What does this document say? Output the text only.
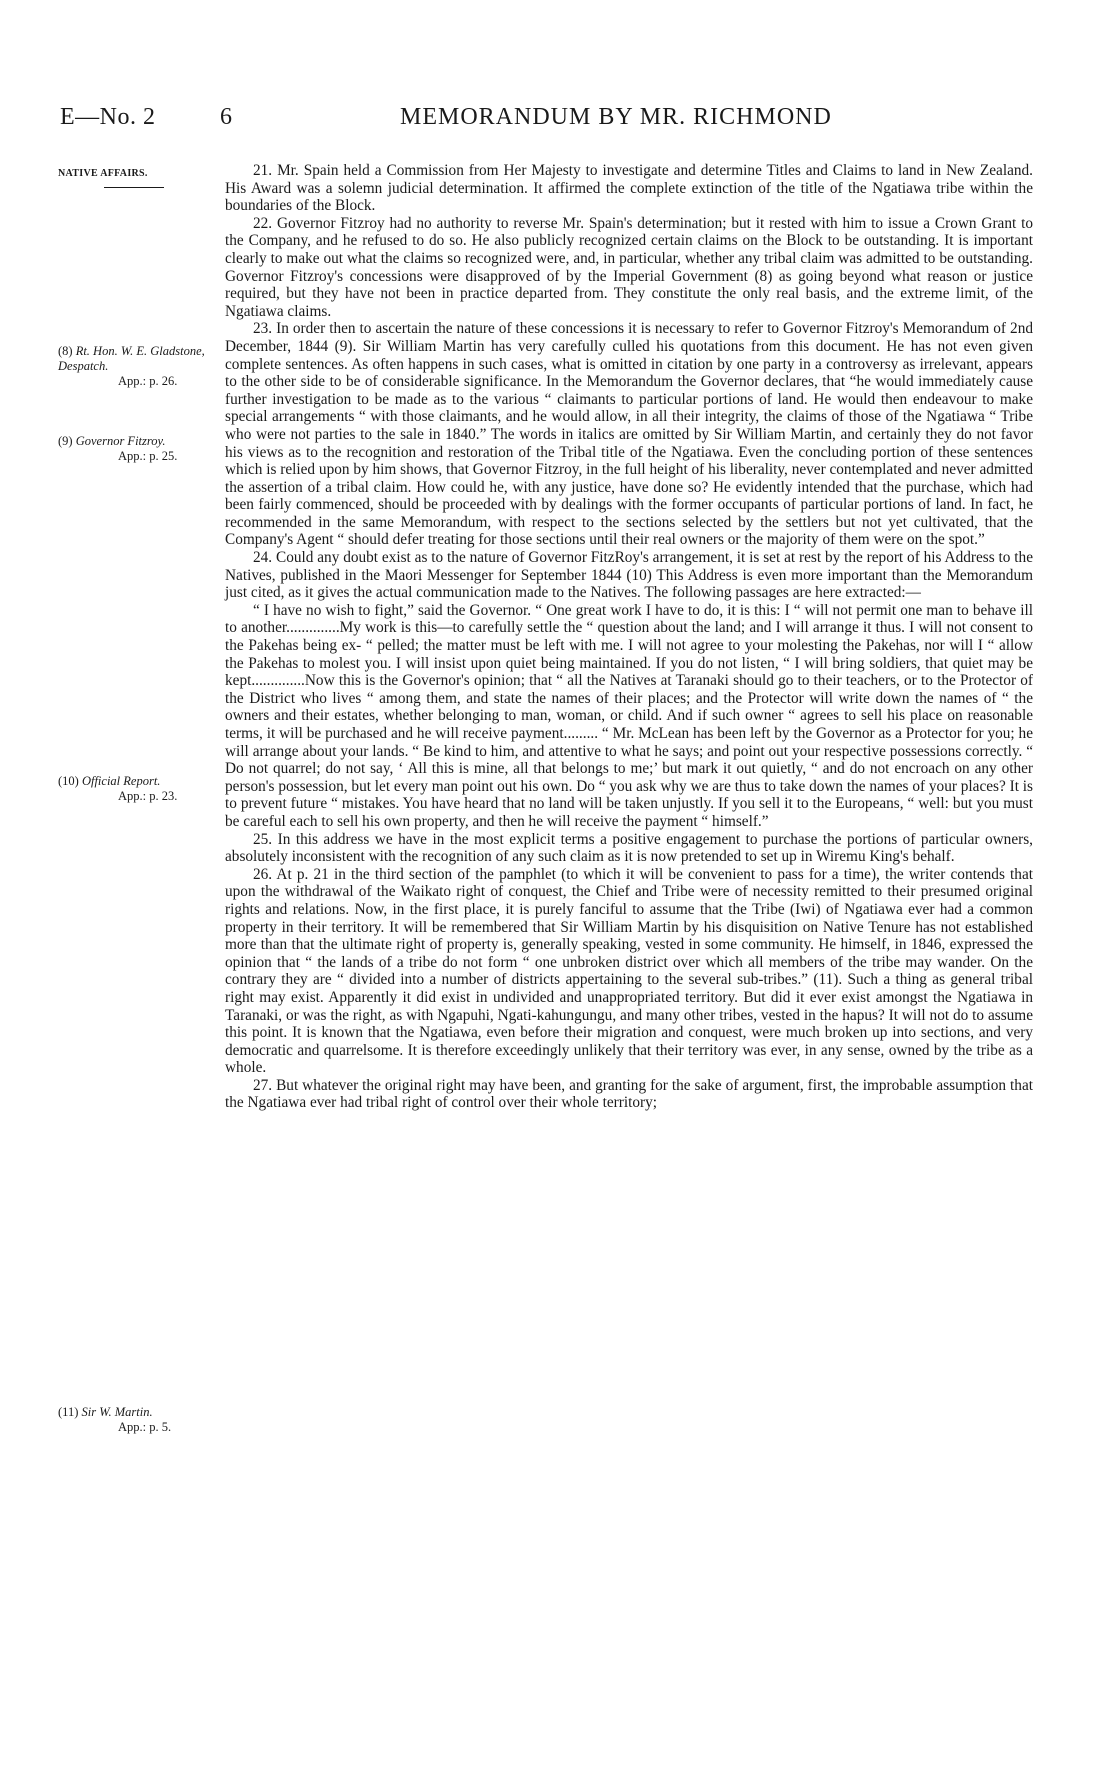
E—No. 2	6	MEMORANDUM BY MR. RICHMOND
NATIVE AFFAIRS.
(8) Rt. Hon. W. E. Gladstone, Despatch.
App.: p. 26.
(9) Governor Fitzroy.
App.: p. 25.
(10) Official Report.
App.: p. 23.
(11) Sir W. Martin.
App.: p. 5.

21. Mr. Spain held a Commission from Her Majesty to investigate and determine Titles and Claims to land in New Zealand. His Award was a solemn judicial determination. It affirmed the complete extinction of the title of the Ngatiawa tribe within the boundaries of the Block.

22. Governor Fitzroy had no authority to reverse Mr. Spain's determination; but it rested with him to issue a Crown Grant to the Company, and he refused to do so. He also publicly recognized certain claims on the Block to be outstanding. It is important clearly to make out what the claims so recognized were, and, in particular, whether any tribal claim was admitted to be outstanding. Governor Fitzroy's concessions were disapproved of by the Imperial Government (8) as going beyond what reason or justice required, but they have not been in practice departed from. They constitute the only real basis, and the extreme limit, of the Ngatiawa claims.

23. In order then to ascertain the nature of these concessions it is necessary to refer to Governor Fitzroy's Memorandum of 2nd December, 1844 (9). Sir William Martin has very carefully culled his quotations from this document. He has not even given complete sentences. As often happens in such cases, what is omitted in citation by one party in a controversy as irrelevant, appears to the other side to be of considerable significance. In the Memorandum the Governor declares, that “he would immediately cause further investigation to be made as to the various “ claimants to particular portions of land. He would then endeavour to make special arrangements “ with those claimants, and he would allow, in all their integrity, the claims of those of the Ngatiawa “ Tribe who were not parties to the sale in 1840.” The words in italics are omitted by Sir William Martin, and certainly they do not favor his views as to the recognition and restoration of the Tribal title of the Ngatiawa. Even the concluding portion of these sentences which is relied upon by him shows, that Governor Fitzroy, in the full height of his liberality, never contemplated and never admitted the assertion of a tribal claim. How could he, with any justice, have done so? He evidently intended that the purchase, which had been fairly commenced, should be proceeded with by dealings with the former occupants of particular portions of land. In fact, he recommended in the same Memorandum, with respect to the sections selected by the settlers but not yet cultivated, that the Company's Agent “ should defer treating for those sections until their real owners or the majority of them were on the spot.”

24. Could any doubt exist as to the nature of Governor FitzRoy's arrangement, it is set at rest by the report of his Address to the Natives, published in the Maori Messenger for September 1844 (10) This Address is even more important than the Memorandum just cited, as it gives the actual communication made to the Natives. The following passages are here extracted:—

“ I have no wish to fight,” said the Governor. “ One great work I have to do, it is this: I “ will not permit one man to behave ill to another..............My work is this—to carefully settle the “ question about the land; and I will arrange it thus. I will not consent to the Pakehas being ex- “ pelled; the matter must be left with me. I will not agree to your molesting the Pakehas, nor will I “ allow the Pakehas to molest you. I will insist upon quiet being maintained. If you do not listen, “ I will bring soldiers, that quiet may be kept..............Now this is the Governor's opinion; that “ all the Natives at Taranaki should go to their teachers, or to the Protector of the District who lives “ among them, and state the names of their places; and the Protector will write down the names of “ the owners and their estates, whether belonging to man, woman, or child. And if such owner “ agrees to sell his place on reasonable terms, it will be purchased and he will receive payment......... “ Mr. McLean has been left by the Governor as a Protector for you; he will arrange about your lands. “ Be kind to him, and attentive to what he says; and point out your respective possessions correctly. “ Do not quarrel; do not say, ‘ All this is mine, all that belongs to me;’ but mark it out quietly, “ and do not encroach on any other person's possession, but let every man point out his own. Do “ you ask why we are thus to take down the names of your places? It is to prevent future “ mistakes. You have heard that no land will be taken unjustly. If you sell it to the Europeans, “ well: but you must be careful each to sell his own property, and then he will receive the payment “ himself.”

25. In this address we have in the most explicit terms a positive engagement to purchase the portions of particular owners, absolutely inconsistent with the recognition of any such claim as it is now pretended to set up in Wiremu King's behalf.

26. At p. 21 in the third section of the pamphlet (to which it will be convenient to pass for a time), the writer contends that upon the withdrawal of the Waikato right of conquest, the Chief and Tribe were of necessity remitted to their presumed original rights and relations. Now, in the first place, it is purely fanciful to assume that the Tribe (Iwi) of Ngatiawa ever had a common property in their territory. It will be remembered that Sir William Martin by his disquisition on Native Tenure has not established more than that the ultimate right of property is, generally speaking, vested in some community. He himself, in 1846, expressed the opinion that “ the lands of a tribe do not form “ one unbroken district over which all members of the tribe may wander. On the contrary they are “ divided into a number of districts appertaining to the several sub-tribes.” (11). Such a thing as general tribal right may exist. Apparently it did exist in undivided and unappropriated territory. But did it ever exist amongst the Ngatiawa in Taranaki, or was the right, as with Ngapuhi, Ngati-kahungungu, and many other tribes, vested in the hapus? It will not do to assume this point. It is known that the Ngatiawa, even before their migration and conquest, were much broken up into sections, and very democratic and quarrelsome. It is therefore exceedingly unlikely that their territory was ever, in any sense, owned by the tribe as a whole.

27. But whatever the original right may have been, and granting for the sake of argument, first, the improbable assumption that the Ngatiawa ever had tribal right of control over their whole territory;
